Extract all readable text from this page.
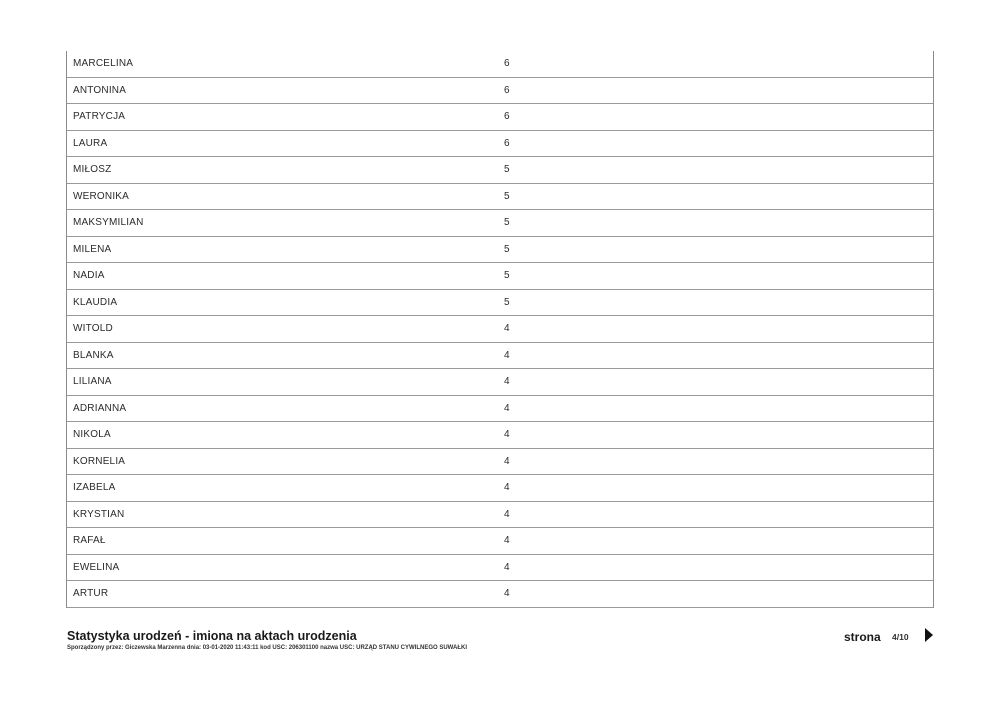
MARCELINA	6
ANTONINA	6
PATRYCJA	6
LAURA	6
MIŁOSZ	5
WERONIKA	5
MAKSYMILIAN	5
MILENA	5
NADIA	5
KLAUDIA	5
WITOLD	4
BLANKA	4
LILIANA	4
ADRIANNA	4
NIKOLA	4
KORNELIA	4
IZABELA	4
KRYSTIAN	4
RAFAŁ	4
EWELINA	4
ARTUR	4
Statystyka urodzeń - imiona na aktach urodzenia
Sporządzony przez: Giczewska Marzenna dnia: 03-01-2020 11:43:11 kod USC: 206301100 nazwa USC: URZĄD STANU CYWILNEGO SUWAŁKI
strona 4/10
